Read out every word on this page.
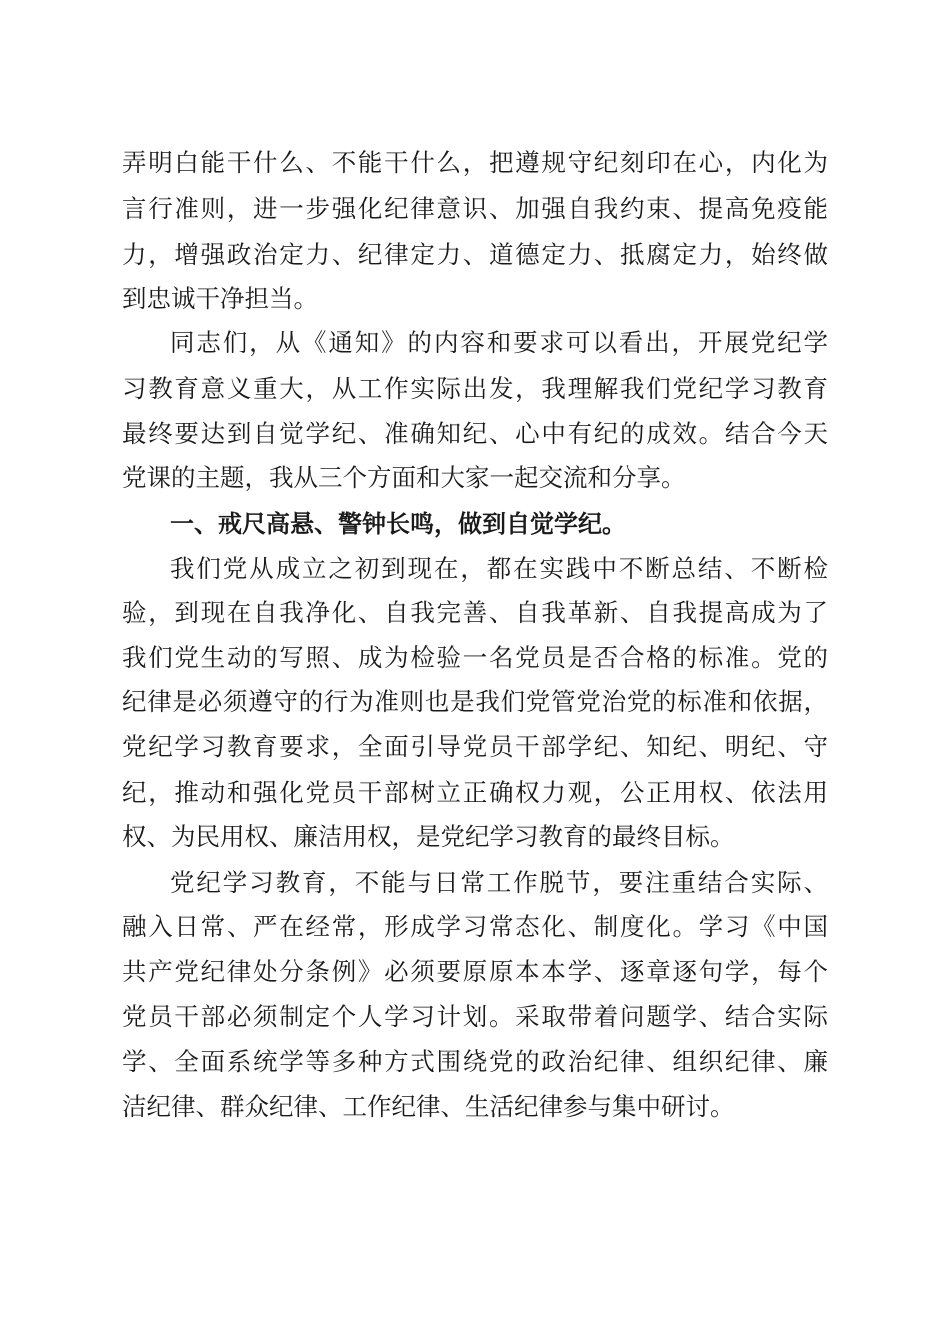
弄明白能干什么、不能干什么，把遵规守纪刻印在心，内化为
言行准则，进一步强化纪律意识、加强自我约束、提高免疫能
力，增强政治定力、纪律定力、道德定力、抵腐定力，始终做
到忠诚干净担当。
同志们，从《通知》的内容和要求可以看出，开展党纪学
习教育意义重大，从工作实际出发，我理解我们党纪学习教育
最终要达到自觉学纪、准确知纪、心中有纪的成效。结合今天
党课的主题，我从三个方面和大家一起交流和分享。
一、戒尺高悬、警钟长鸣，做到自觉学纪。
我们党从成立之初到现在，都在实践中不断总结、不断检
验，到现在自我净化、自我完善、自我革新、自我提高成为了
我们党生动的写照、成为检验一名党员是否合格的标准。党的
纪律是必须遵守的行为准则也是我们党管党治党的标准和依据，
党纪学习教育要求，全面引导党员干部学纪、知纪、明纪、守
纪，推动和强化党员干部树立正确权力观，公正用权、依法用
权、为民用权、廉洁用权，是党纪学习教育的最终目标。
党纪学习教育，不能与日常工作脱节，要注重结合实际、
融入日常、严在经常，形成学习常态化、制度化。学习《中国
共产党纪律处分条例》必须要原原本本学、逐章逐句学，每个
党员干部必须制定个人学习计划。采取带着问题学、结合实际
学、全面系统学等多种方式围绕党的政治纪律、组织纪律、廉
洁纪律、群众纪律、工作纪律、生活纪律参与集中研讨。
